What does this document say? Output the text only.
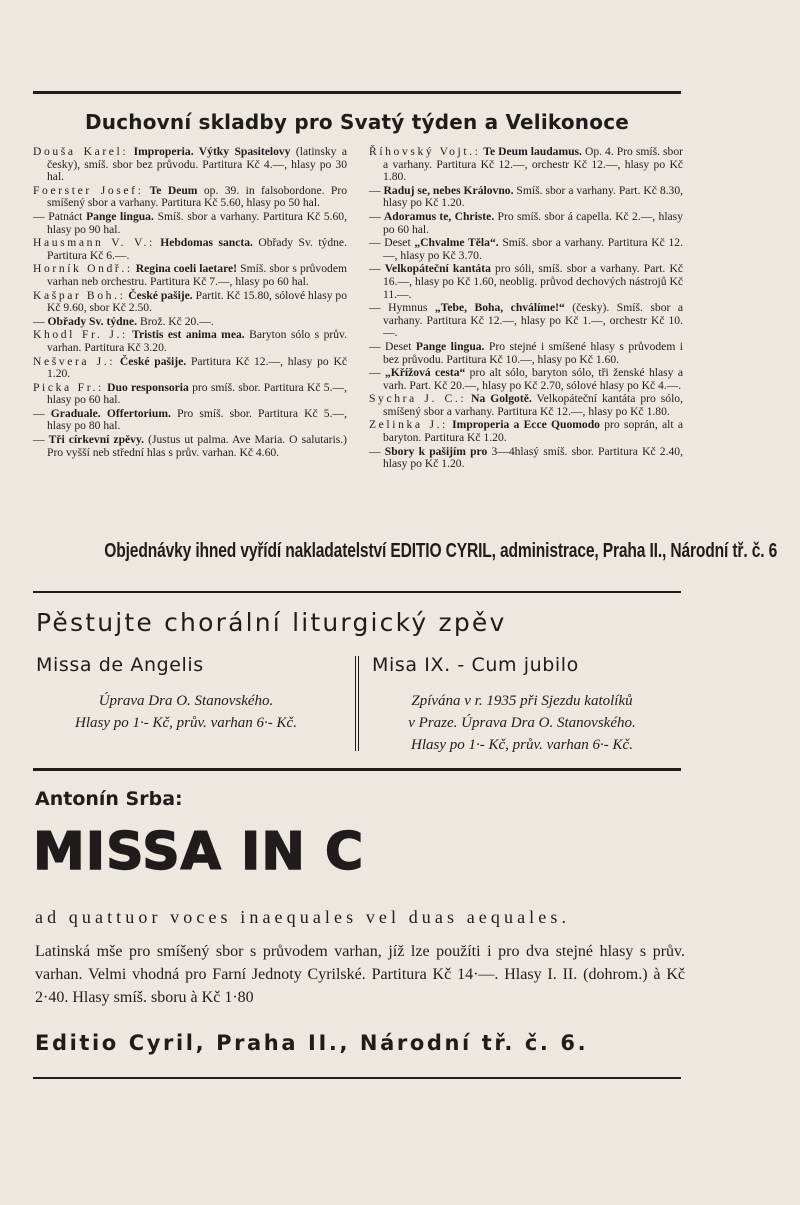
Duchovní skladby pro Svatý týden a Velikonoce
Douša Karel: Improperia. Výtky Spasitelovy (latinsky a česky), smíš. sbor bez průvodu. Partitura Kč 4.—, hlasy po 30 hal.
Foerster Josef: Te Deum op. 39. in falsobordone. Pro smíšený sbor a varhany. Partitura Kč 5.60, hlasy po 50 hal.
— Patnáct Pange lingua. Smíš. sbor a varhany. Partitura Kč 5.60, hlasy po 90 hal.
Hausmann V. V.: Hebdomas sancta. Obřady Sv. týdne. Partitura Kč 6.—.
Horník Ondř.: Regina coeli laetare! Smíš. sbor s průvodem varhan neb orchestru. Partitura Kč 7.—, hlasy po 60 hal.
Kašpar Boh.: České pašije. Partit. Kč 15.80, sólové hlasy po Kč 9.60, sbor Kč 2.50.
— Obřady Sv. týdne. Brož. Kč 20.—.
Khodl Fr. J.: Tristis est anima mea. Baryton sólo s prův. varhan. Partitura Kč 3.20.
Nešvera J.: České pašije. Partitura Kč 12.—, hlasy po Kč 1.20.
Picka Fr.: Duo responsoria pro smíš. sbor. Partitura Kč 5.—, hlasy po 60 hal.
— Graduale. Offertorium. Pro smíš. sbor. Partitura Kč 5.—, hlasy po 80 hal.
— Tři církevní zpěvy. (Justus ut palma. Ave Maria. O salutaris.) Pro vyšší neb střední hlas s prův. varhan. Kč 4.60.
Říhovský Vojt.: Te Deum laudamus. Op. 4. Pro smíš. sbor a varhany. Partitura Kč 12.—, orchestr Kč 12.—, hlasy po Kč 1.80.
— Raduj se, nebes Královno. Smíš. sbor a varhany. Part. Kč 8.30, hlasy po Kč 1.20.
— Adoramus te, Christe. Pro smíš. sbor á capella. Kč 2.—, hlasy po 60 hal.
— Deset „Chvalme Těla“. Smíš. sbor a varhany. Partitura Kč 12.—, hlasy po Kč 3.70.
— Velkopáteční kantáta pro sóli, smíš. sbor a varhany. Part. Kč 16.—, hlasy po Kč 1.60, neoblig. průvod dechových nástrojů Kč 11.—.
— Hymnus „Tebe, Boha, chválíme!“ (česky). Smíš. sbor a varhany. Partitura Kč 12.—, hlasy po Kč 1.—, orchestr Kč 10.—.
— Deset Pange lingua. Pro stejné i smíšené hlasy s průvodem i bez průvodu. Partitura Kč 10.—, hlasy po Kč 1.60.
— „Křížová cesta“ pro alt sólo, baryton sólo, tři ženské hlasy a varh. Part. Kč 20.—, hlasy po Kč 2.70, sólové hlasy po Kč 4.—.
Sychra J. C.: Na Golgotě. Velkopáteční kantáta pro sólo, smíšený sbor a varhany. Partitura Kč 12.—, hlasy po Kč 1.80.
Zelinka J.: Improperia a Ecce Quomodo pro soprán, alt a baryton. Partitura Kč 1.20.
— Sbory k pašijím pro 3—4hlasý smíš. sbor. Partitura Kč 2.40, hlasy po Kč 1.20.
Objednávky ihned vyřídí nakladatelství EDITIO CYRIL, administrace, Praha II., Národní tř. č. 6
Pěstujte chorální liturgický zpěv
Missa de Angelis

Úprava Dra O. Stanovského.

Hlasy po 1·- Kč, prův. varhan 6·- Kč.

Misa IX. - Cum jubilo

Zpívána v r. 1935 při Sjezdu katolíků

v Praze. Úprava Dra O. Stanovského.

Hlasy po 1·- Kč, prův. varhan 6·- Kč.

Antonín Srba:
MISSA IN C
ad quattuor voces inaequales vel duas aequales.
Latinská mše pro smíšený sbor s průvodem varhan, jíž lze použíti i pro dva stejné hlasy s prův. varhan. Velmi vhodná pro Farní Jednoty Cyrilské. Partitura Kč 14·—. Hlasy I. II. (dohrom.) à Kč 2·40. Hlasy smíš. sboru à Kč 1·80
Editio Cyril, Praha II., Národní tř. č. 6.
